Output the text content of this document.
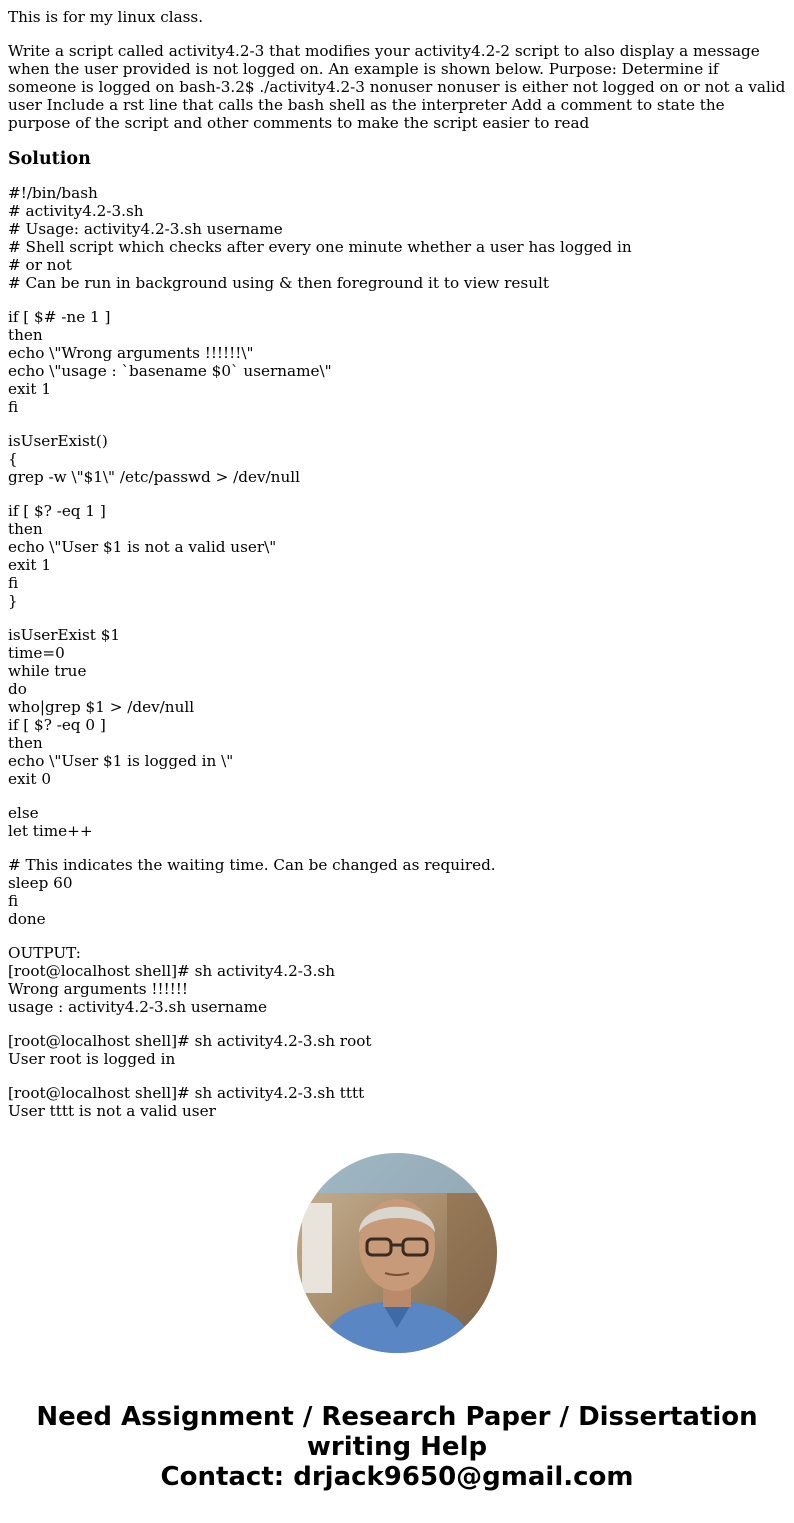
This is for my linux class.

Write a script called activity4.2-3 that modifies your activity4.2-2 script to also display a message when the user provided is not logged on. An example is shown below. Purpose: Determine if someone is logged on bash-3.2$ ./activity4.2-3 nonuser nonuser is either not logged on or not a valid user Include a rst line that calls the bash shell as the interpreter Add a comment to state the purpose of the script and other comments to make the script easier to read

Solution
#!/bin/bash
# activity4.2-3.sh
# Usage: activity4.2-3.sh username
# Shell script which checks after every one minute whether a user has logged in
# or not
# Can be run in background using & then foreground it to view result
if [ $# -ne 1 ]
then
echo \"Wrong arguments !!!!!!\"
echo \"usage : `basename $0` username\"
exit 1
fi
isUserExist()
{
grep -w \"$1\" /etc/passwd > /dev/null
if [ $? -eq 1 ]
then
echo \"User $1 is not a valid user\"
exit 1
fi
}
isUserExist $1
time=0
while true
do
who|grep $1 > /dev/null
if [ $? -eq 0 ]
then
echo \"User $1 is logged in \"
exit 0
else
let time++
# This indicates the waiting time. Can be changed as required.
sleep 60
fi
done
OUTPUT:
[root@localhost shell]# sh activity4.2-3.sh
Wrong arguments !!!!!!
usage : activity4.2-3.sh username
[root@localhost shell]# sh activity4.2-3.sh root
User root is logged in
[root@localhost shell]# sh activity4.2-3.sh tttt
User tttt is not a valid user
Need Assignment / Research Paper / Dissertation
writing Help
Contact: drjack9650@gmail.com
